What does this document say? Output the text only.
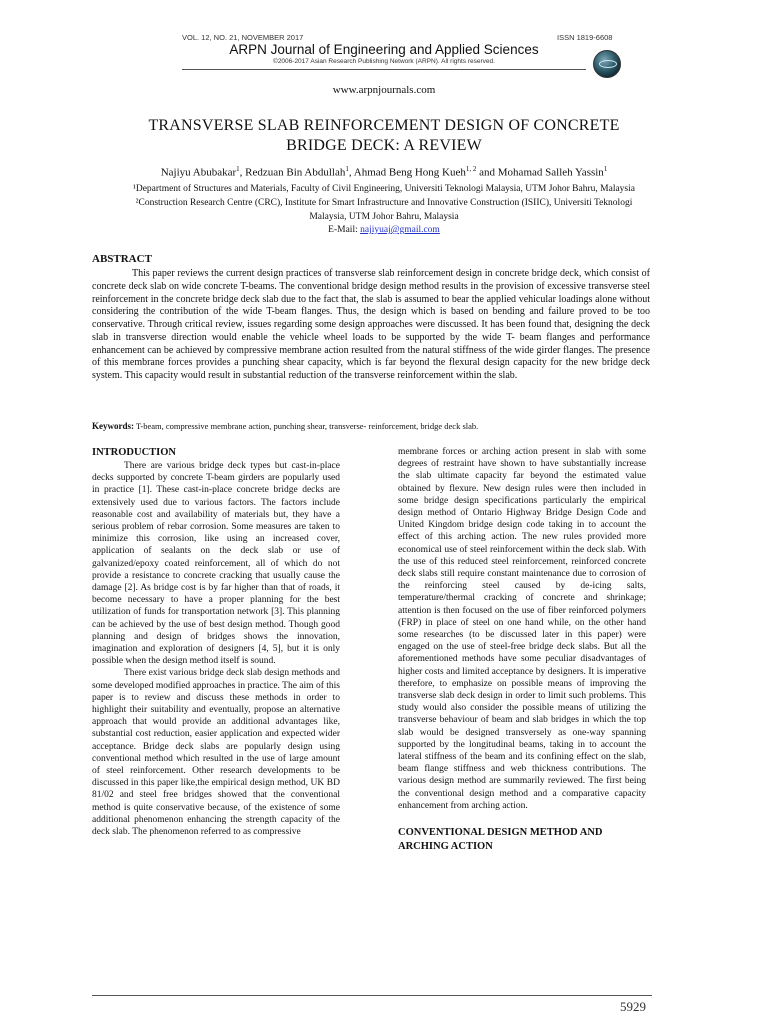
VOL. 12, NO. 21, NOVEMBER 2017	ISSN 1819-6608
ARPN Journal of Engineering and Applied Sciences
©2006-2017 Asian Research Publishing Network (ARPN). All rights reserved.
www.arpnjournals.com
TRANSVERSE SLAB REINFORCEMENT DESIGN OF CONCRETE
BRIDGE DECK: A REVIEW
Najiyu Abubakar$^1$, Redzuan Bin Abdullah$^1$, Ahmad Beng Hong Kueh$^{1, 2}$ and Mohamad Salleh Yassin$^1$
¹Department of Structures and Materials, Faculty of Civil Engineering, Universiti Teknologi Malaysia, UTM Johor Bahru, Malaysia
²Construction Research Centre (CRC), Institute for Smart Infrastructure and Innovative Construction (ISIIC), Universiti Teknologi
Malaysia, UTM Johor Bahru, Malaysia
E-Mail: najiyuaj@gmail.com
ABSTRACT

This paper reviews the current design practices of transverse slab reinforcement design in concrete bridge deck, which consist of concrete deck slab on wide concrete T-beams. The conventional bridge design method results in the provision of excessive transverse steel reinforcement in the concrete bridge deck slab due to the fact that, the slab is assumed to bear the applied vehicular loadings alone without considering the contribution of the wide T-beam flanges. Thus, the design which is based on bending and failure proved to be too conservative. Through critical review, issues regarding some design approaches were discussed. It has been found that, designing the deck slab in transverse direction would enable the vehicle wheel loads to be supported by the wide T- beam flanges and performance enhancement can be achieved by compressive membrane action resulted from the natural stiffness of the wide girder flanges. The presence of this membrane forces provides a punching shear capacity, which is far beyond the flexural design capacity for the new bridge deck system. This capacity would result in substantial reduction of the transverse reinforcement within the slab.

Keywords: T-beam, compressive membrane action, punching shear, transverse- reinforcement, bridge deck slab.

INTRODUCTION

There are various bridge deck types but cast-in-place decks supported by concrete T-beam girders are popularly used in practice [1]. These cast-in-place concrete bridge decks are extensively used due to various factors. The factors include reasonable cost and availability of materials but, they have a serious problem of rebar corrosion. Some measures are taken to minimize this corrosion, like using an increased cover, application of sealants on the deck slab or use of galvanized/epoxy coated reinforcement, all of which do not provide a resistance to concrete cracking that usually cause the damage [2]. As bridge cost is by far higher than that of roads, it become necessary to have a proper planning for the best utilization of funds for transportation network [3]. This planning can be achieved by the use of best design method. Though good planning and design of bridges shows the innovation, imagination and exploration of designers [4, 5], but it is only possible when the design method itself is sound.

There exist various bridge deck slab design methods and some developed modified approaches in practice. The aim of this paper is to review and discuss these methods in order to highlight their suitability and eventually, propose an alternative approach that would provide an additional advantages like, substantial cost reduction, easier application and expected wider acceptance. Bridge deck slabs are popularly design using conventional method which resulted in the use of large amount of steel reinforcement. Other research developments to be discussed in this paper like,the empirical design method, UK BD 81/02 and steel free bridges showed that the conventional method is quite conservative because, of the existence of some additional phenomenon enhancing the strength capacity of the deck slab. The phenomenon referred to as compressive

membrane forces or arching action present in slab with some degrees of restraint have shown to have substantially increase the slab ultimate capacity far beyond the estimated value obtained by flexure. New design rules were then included in some bridge design specifications particularly the empirical design method of Ontario Highway Bridge Design Code and United Kingdom bridge design code taking in to account the effect of this arching action. The new rules provided more economical use of steel reinforcement within the deck slab. With the use of this reduced steel reinforcement, reinforced concrete deck slabs still require constant maintenance due to corrosion of the reinforcing steel caused by de-icing salts, temperature/thermal cracking of concrete and shrinkage; attention is then focused on the use of fiber reinforced polymers (FRP) in place of steel on one hand while, on the other hand some researches (to be discussed later in this paper) were engaged on the use of steel-free bridge deck slabs. But all the aforementioned methods have some peculiar disadvantages of higher costs and limited acceptance by designers. It is imperative therefore, to emphasize on possible means of improving the transverse slab deck design in order to limit such problems. This study would also consider the possible means of utilizing the transverse behaviour of beam and slab bridges in which the top slab would be designed transversely as one-way spanning supported by the longitudinal beams, taking in to account the lateral stiffness of the beam and its confining effect on the slab, beam flange stiffness and web thickness contributions. The various design method are summarily reviewed. The first being the conventional design method and a comparative capacity enhancement from arching action.

CONVENTIONAL DESIGN METHOD AND
ARCHING ACTION

5929
